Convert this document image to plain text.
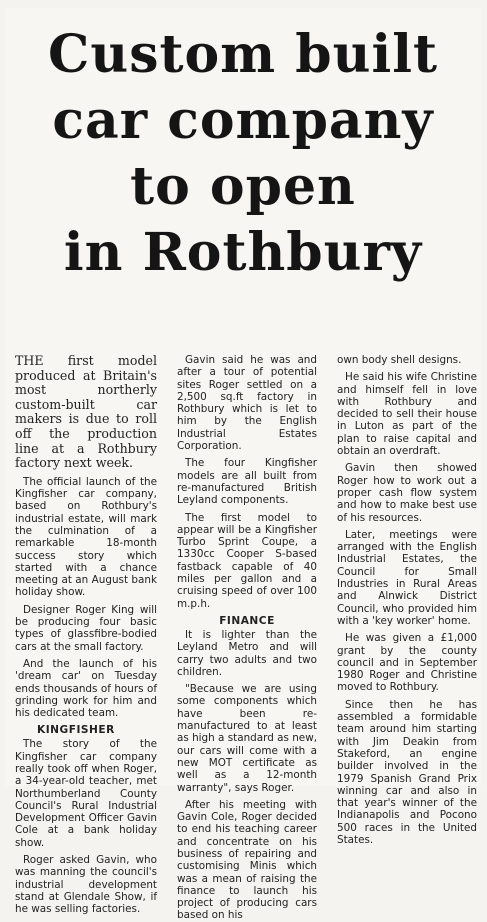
Custom built
car company
to open
in Rothbury

THE first model produced at Britain's most northerly custom-built car makers is due to roll off the production line at a Rothbury factory next week.

The official launch of the Kingfisher car company, based on Rothbury's industrial estate, will mark the culmination of a remarkable 18-month success story which started with a chance meeting at an August bank holiday show.

Designer Roger King will be producing four basic types of glassfibre-bodied cars at the small factory.

And the launch of his 'dream car' on Tuesday ends thousands of hours of grinding work for him and his dedicated team.

KINGFISHER

The story of the Kingfisher car company really took off when Roger, a 34-year-old teacher, met Northumberland County Council's Rural Industrial Development Officer Gavin Cole at a bank holiday show.

Roger asked Gavin, who was manning the council's industrial development stand at Glendale Show, if he was selling factories.

Gavin said he was and after a tour of potential sites Roger settled on a 2,500 sq.ft factory in Rothbury which is let to him by the English Industrial Estates Corporation.

The four Kingfisher models are all built from re-manufactured British Leyland components.

The first model to appear will be a Kingfisher Turbo Sprint Coupe, a 1330cc Cooper S-based fastback capable of 40 miles per gallon and a cruising speed of over 100 m.p.h.

FINANCE

It is lighter than the Leyland Metro and will carry two adults and two children.

"Because we are using some components which have been re-manufactured to at least as high a standard as new, our cars will come with a new MOT certificate as well as a 12-month warranty", says Roger.

After his meeting with Gavin Cole, Roger decided to end his teaching career and concentrate on his business of repairing and customising Minis which was a mean of raising the finance to launch his project of producing cars based on his

own body shell designs.

He said his wife Christine and himself fell in love with Rothbury and decided to sell their house in Luton as part of the plan to raise capital and obtain an overdraft.

Gavin then showed Roger how to work out a proper cash flow system and how to make best use of his resources.

Later, meetings were arranged with the English Industrial Estates, the Council for Small Industries in Rural Areas and Alnwick District Council, who provided him with a 'key worker' home.

He was given a £1,000 grant by the county council and in September 1980 Roger and Christine moved to Rothbury.

Since then he has assembled a formidable team around him starting with Jim Deakin from Stakeford, an engine builder involved in the 1979 Spanish Grand Prix winning car and also in that year's winner of the Indianapolis and Pocono 500 races in the United States.
